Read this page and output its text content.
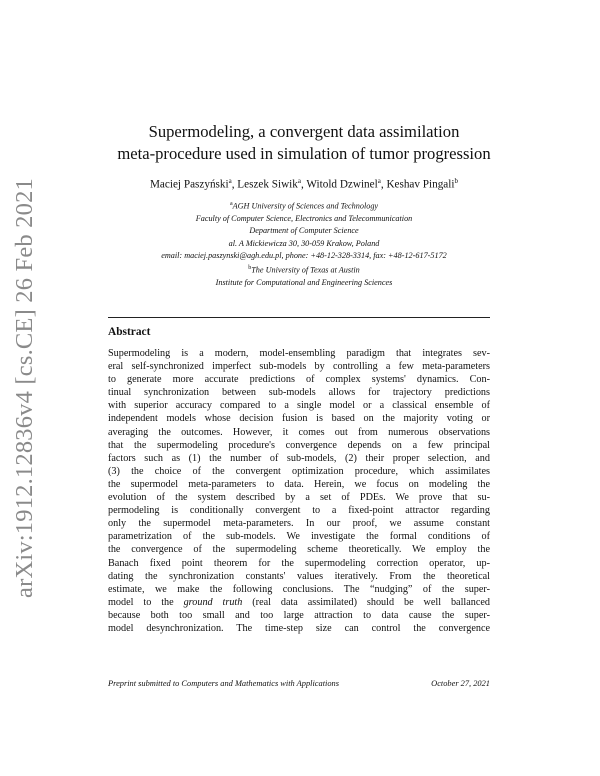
arXiv:1912.12836v4 [cs.CE] 26 Feb 2021
Supermodeling, a convergent data assimilation
meta-procedure used in simulation of tumor progression
Maciej Paszyński$^a$, Leszek Siwik$^a$, Witold Dzwinel$^a$, Keshav Pingali$^b$
$^a$AGH University of Sciences and Technology
Faculty of Computer Science, Electronics and Telecommunication
Department of Computer Science
al. A Mickiewicza 30, 30-059 Krakow, Poland
email: maciej.paszynski@agh.edu.pl, phone: +48-12-328-3314, fax: +48-12-617-5172
$^b$The University of Texas at Austin
Institute for Computational and Engineering Sciences
Abstract
Supermodeling is a modern, model-ensembling paradigm that integrates sev-
eral self-synchronized imperfect sub-models by controlling a few meta-parameters
to generate more accurate predictions of complex systems' dynamics. Con-
tinual synchronization between sub-models allows for trajectory predictions
with superior accuracy compared to a single model or a classical ensemble of
independent models whose decision fusion is based on the majority voting or
averaging the outcomes. However, it comes out from numerous observations
that the supermodeling procedure's convergence depends on a few principal
factors such as (1) the number of sub-models, (2) their proper selection, and
(3) the choice of the convergent optimization procedure, which assimilates
the supermodel meta-parameters to data. Herein, we focus on modeling the
evolution of the system described by a set of PDEs. We prove that su-
permodeling is conditionally convergent to a fixed-point attractor regarding
only the supermodel meta-parameters. In our proof, we assume constant
parametrization of the sub-models. We investigate the formal conditions of
the convergence of the supermodeling scheme theoretically. We employ the
Banach fixed point theorem for the supermodeling correction operator, up-
dating the synchronization constants' values iteratively. From the theoretical
estimate, we make the following conclusions. The “nudging” of the super-
model to the ground truth (real data assimilated) should be well ballanced
because both too small and too large attraction to data cause the super-
model desynchronization. The time-step size can control the convergence
Preprint submitted to Computers and Mathematics with Applications	October 27, 2021
